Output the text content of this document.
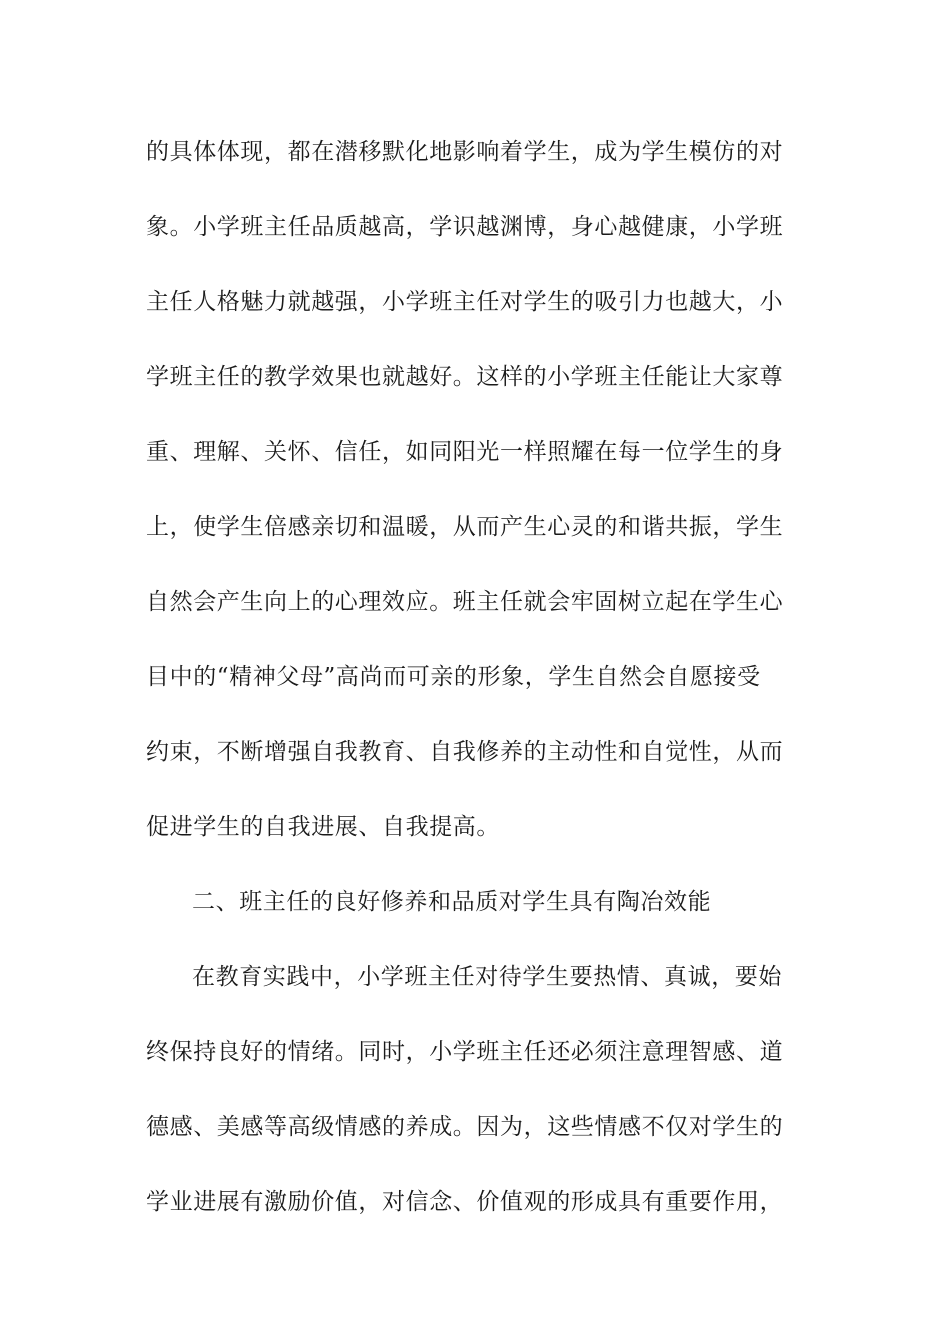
的具体体现，都在潜移默化地影响着学生，成为学生模仿的对
象。小学班主任品质越高，学识越渊博，身心越健康，小学班
主任人格魅力就越强，小学班主任对学生的吸引力也越大，小
学班主任的教学效果也就越好。这样的小学班主任能让大家尊
重、理解、关怀、信任，如同阳光一样照耀在每一位学生的身
上，使学生倍感亲切和温暖，从而产生心灵的和谐共振，学生
自然会产生向上的心理效应。班主任就会牢固树立起在学生心
目中的“精神父母”高尚而可亲的形象，学生自然会自愿接受
约束，不断增强自我教育、自我修养的主动性和自觉性，从而
促进学生的自我进展、自我提高。
二、班主任的良好修养和品质对学生具有陶冶效能
在教育实践中，小学班主任对待学生要热情、真诚，要始
终保持良好的情绪。同时，小学班主任还必须注意理智感、道
德感、美感等高级情感的养成。因为，这些情感不仅对学生的
学业进展有激励价值，对信念、价值观的形成具有重要作用，
